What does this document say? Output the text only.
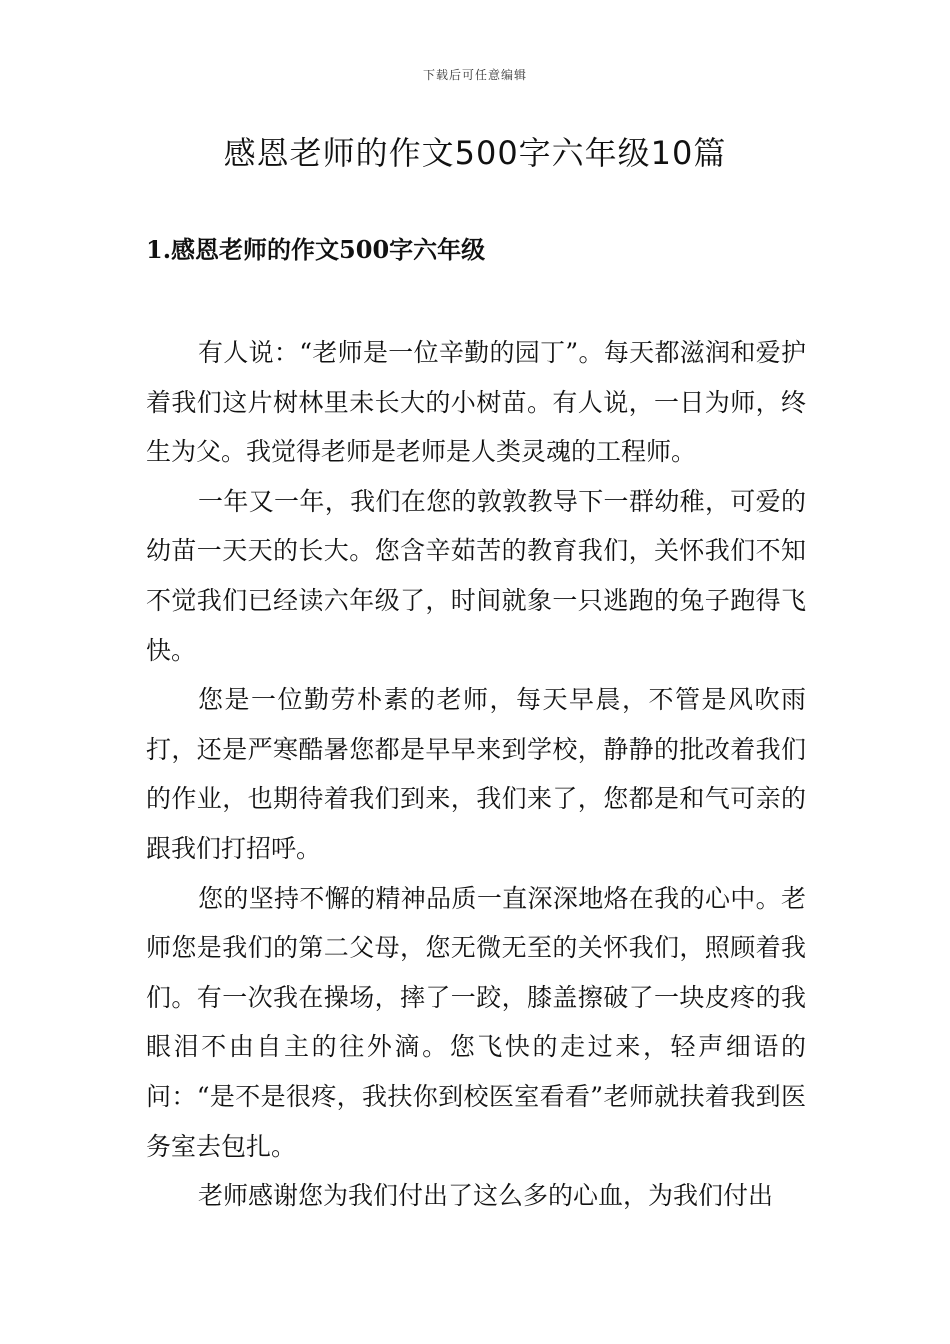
下载后可任意编辑
感恩老师的作文500字六年级10篇
1.感恩老师的作文500字六年级

有人说：“老师是一位辛勤的园丁”。每天都滋润和爱护着我们这片树林里未长大的小树苗。有人说，一日为师，终生为父。我觉得老师是老师是人类灵魂的工程师。

一年又一年，我们在您的敦敦教导下一群幼稚，可爱的幼苗一天天的长大。您含辛茹苦的教育我们，关怀我们不知不觉我们已经读六年级了，时间就象一只逃跑的兔子跑得飞快。

您是一位勤劳朴素的老师，每天早晨，不管是风吹雨打，还是严寒酷暑您都是早早来到学校，静静的批改着我们的作业，也期待着我们到来，我们来了，您都是和气可亲的跟我们打招呼。

您的坚持不懈的精神品质一直深深地烙在我的心中。老师您是我们的第二父母，您无微无至的关怀我们，照顾着我们。有一次我在操场，摔了一跤，膝盖擦破了一块皮疼的我眼泪不由自主的往外滴。您飞快的走过来，轻声细语的问：“是不是很疼，我扶你到校医室看看”老师就扶着我到医务室去包扎。

老师感谢您为我们付出了这么多的心血，为我们付出
